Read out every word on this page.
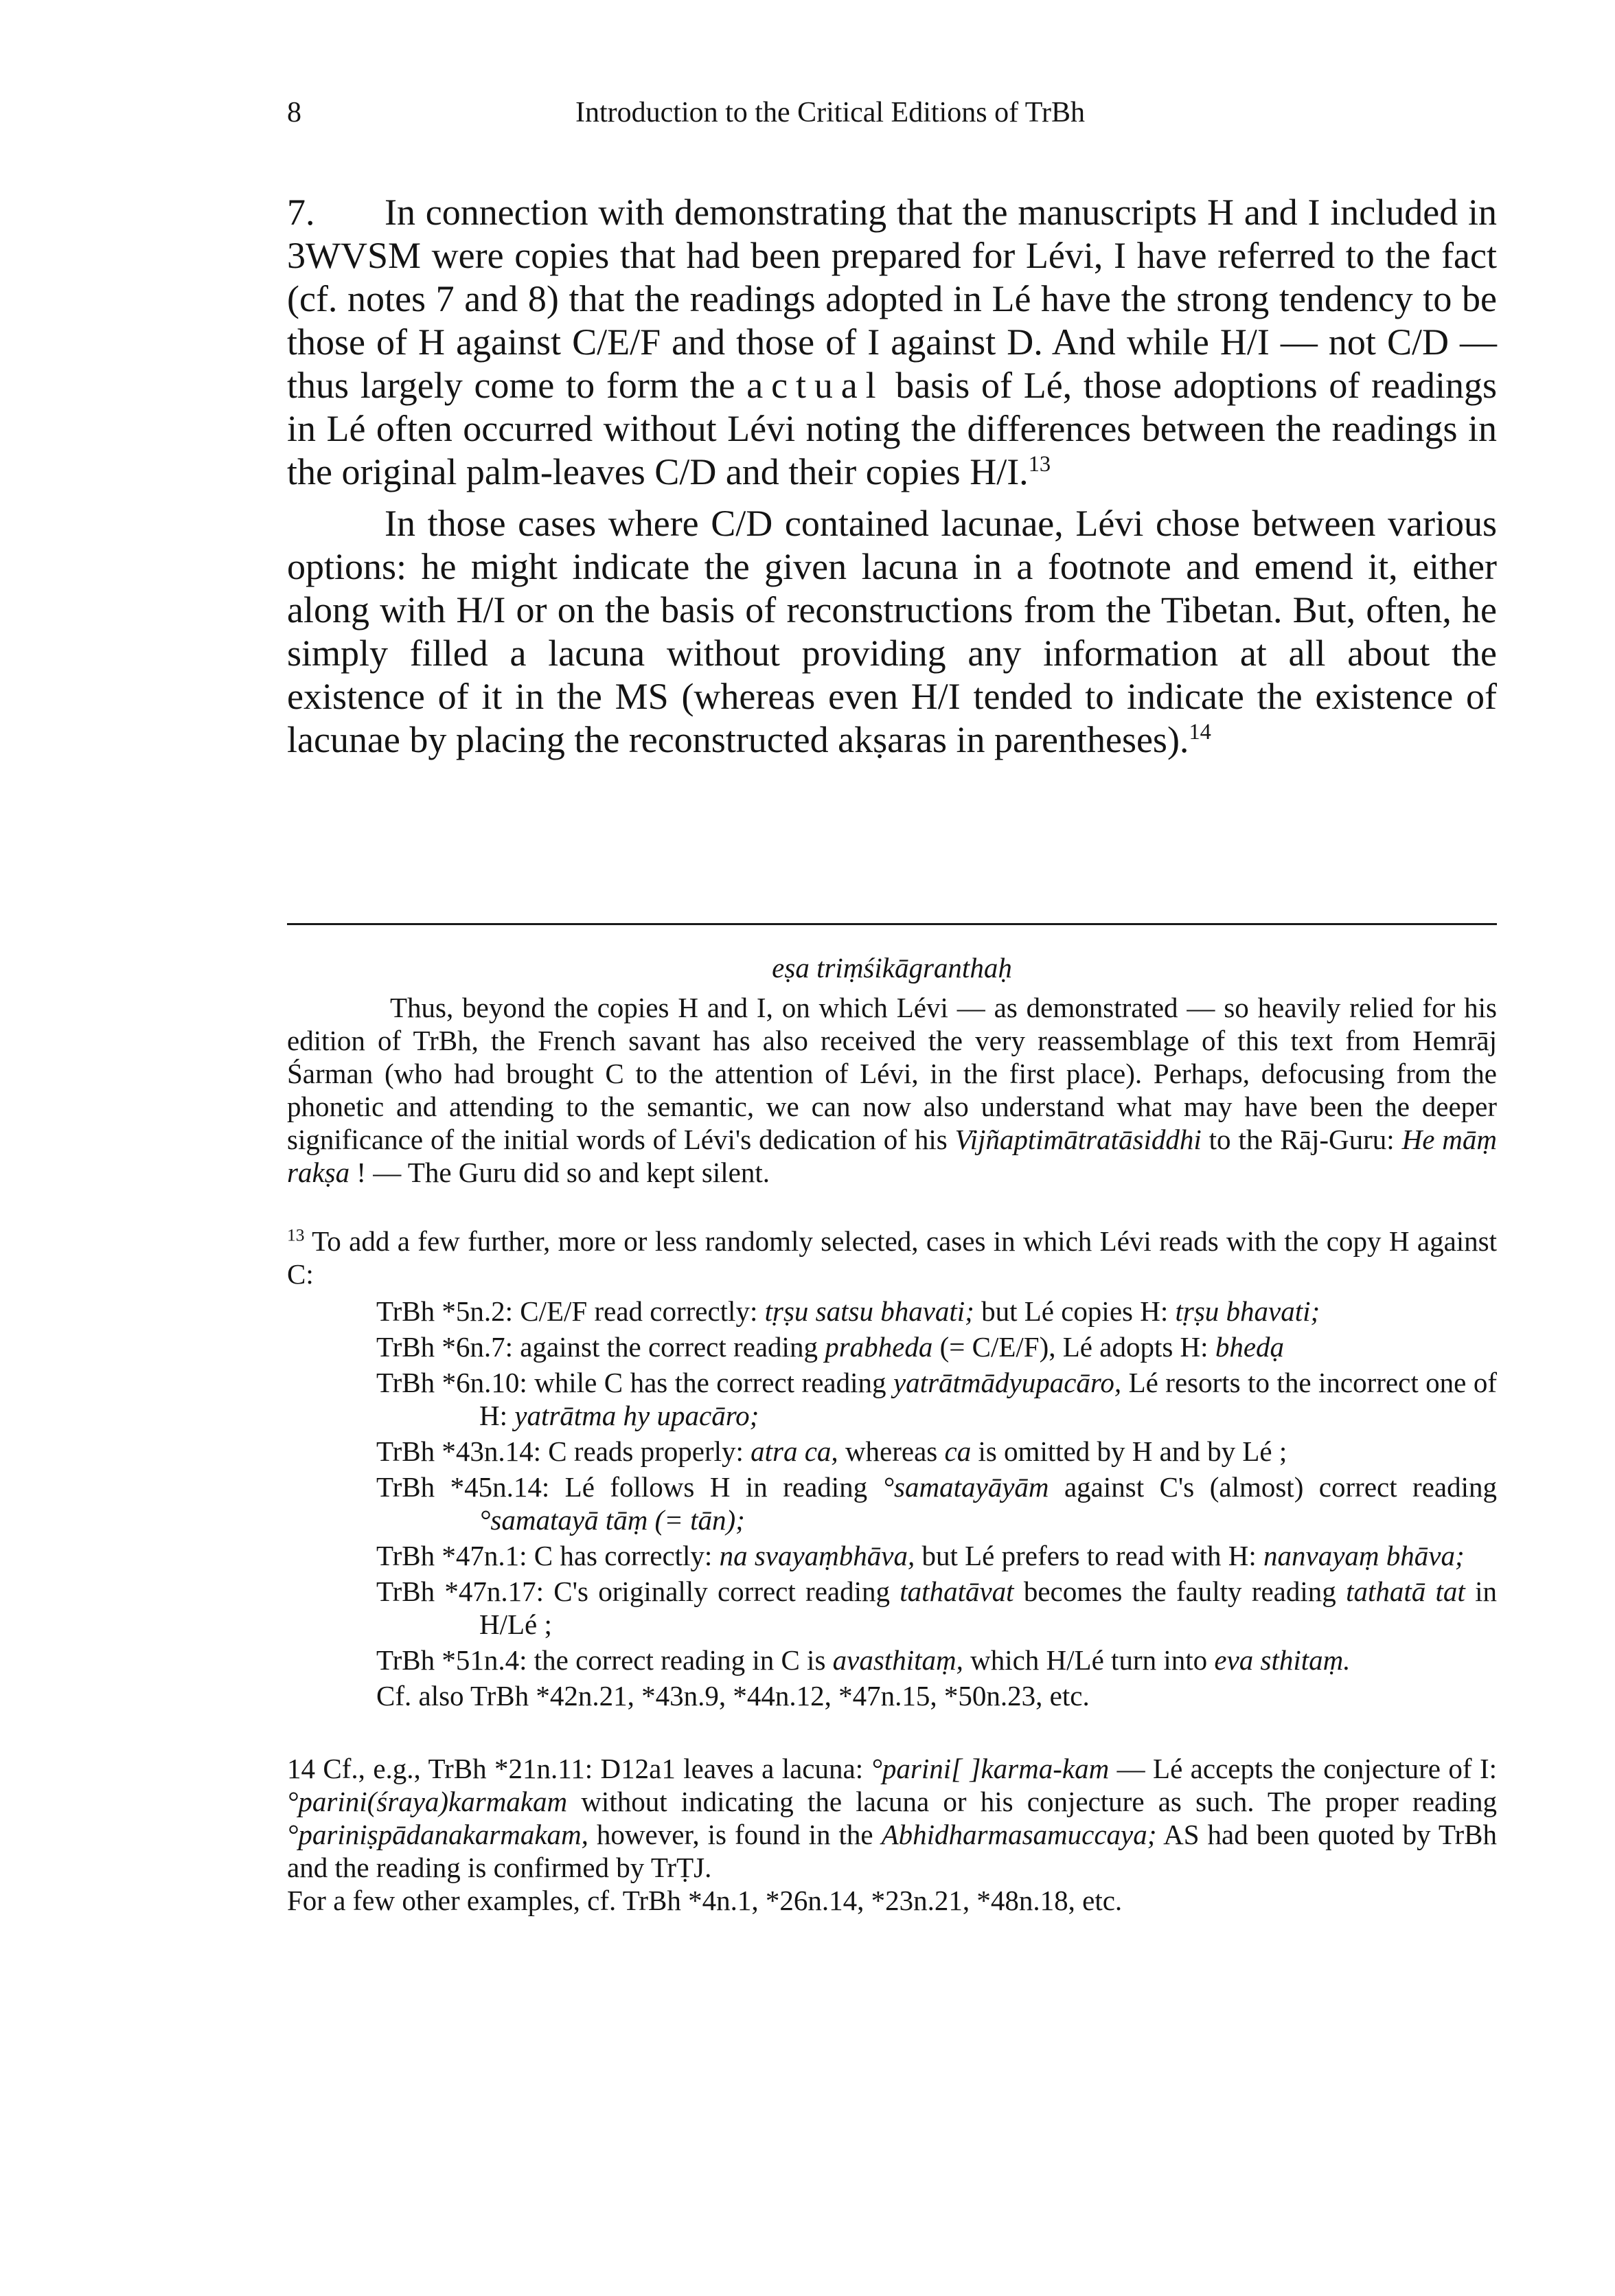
8	Introduction to the Critical Editions of TrBh

7. In connection with demonstrating that the manuscripts H and I included in 3WVSM were copies that had been prepared for Lévi, I have referred to the fact (cf. notes 7 and 8) that the readings adopted in Lé have the strong tendency to be those of H against C/E/F and those of I against D. And while H/I — not C/D — thus largely come to form the actual basis of Lé, those adoptions of readings in Lé often occurred without Lévi noting the differences between the readings in the original palm-leaves C/D and their copies H/I.$^{13}$

In those cases where C/D contained lacunae, Lévi chose between various options: he might indicate the given lacuna in a footnote and emend it, either along with H/I or on the basis of reconstructions from the Tibetan. But, often, he simply filled a lacuna without providing any information at all about the existence of it in the MS (whereas even H/I tended to indicate the existence of lacunae by placing the reconstructed akṣaras in parentheses).$^{14}$

eṣa triṃśikāgranthaḥ

Thus, beyond the copies H and I, on which Lévi — as demonstrated — so heavily relied for his edition of TrBh, the French savant has also received the very reassemblage of this text from Hemrāj Śarman (who had brought C to the attention of Lévi, in the first place). Perhaps, defocusing from the phonetic and attending to the semantic, we can now also understand what may have been the deeper significance of the initial words of Lévi's dedication of his Vijñaptimātratāsiddhi to the Rāj-Guru: He māṃ rakṣa ! — The Guru did so and kept silent.

$^{13}$ To add a few further, more or less randomly selected, cases in which Lévi reads with the copy H against C:
TrBh *5n.2: C/E/F read correctly: tṛṣu satsu bhavati; but Lé copies H: tṛṣu bhavati;
TrBh *6n.7: against the correct reading prabheda (= C/E/F), Lé adopts H: bhedạ
TrBh *6n.10: while C has the correct reading yatrātmādyupacāro, Lé resorts to the incorrect one of H: yatrātma hy upacāro;
TrBh *43n.14: C reads properly: atra ca, whereas ca is omitted by H and by Lé ;
TrBh *45n.14: Lé follows H in reading °samatayāyām against C's (almost) correct reading °samatayā tāṃ (= tān);
TrBh *47n.1: C has correctly: na svayaṃbhāva, but Lé prefers to read with H: nanvayaṃ bhāva;
TrBh *47n.17: C's originally correct reading tathatāvat becomes the faulty reading tathatā tat in H/Lé ;
TrBh *51n.4: the correct reading in C is avasthitaṃ, which H/Lé turn into eva sthitaṃ.
Cf. also TrBh *42n.21, *43n.9, *44n.12, *47n.15, *50n.23, etc.
14 Cf., e.g., TrBh *21n.11: D12a1 leaves a lacuna: °parini[ ]karma-kam — Lé accepts the conjecture of I: °parini(śraya)karmakam without indicating the lacuna or his conjecture as such. The proper reading °pariniṣpādanakarmakam, however, is found in the Abhidharmasamuccaya; AS had been quoted by TrBh and the reading is confirmed by TrṬJ.

For a few other examples, cf. TrBh *4n.1, *26n.14, *23n.21, *48n.18, etc.
